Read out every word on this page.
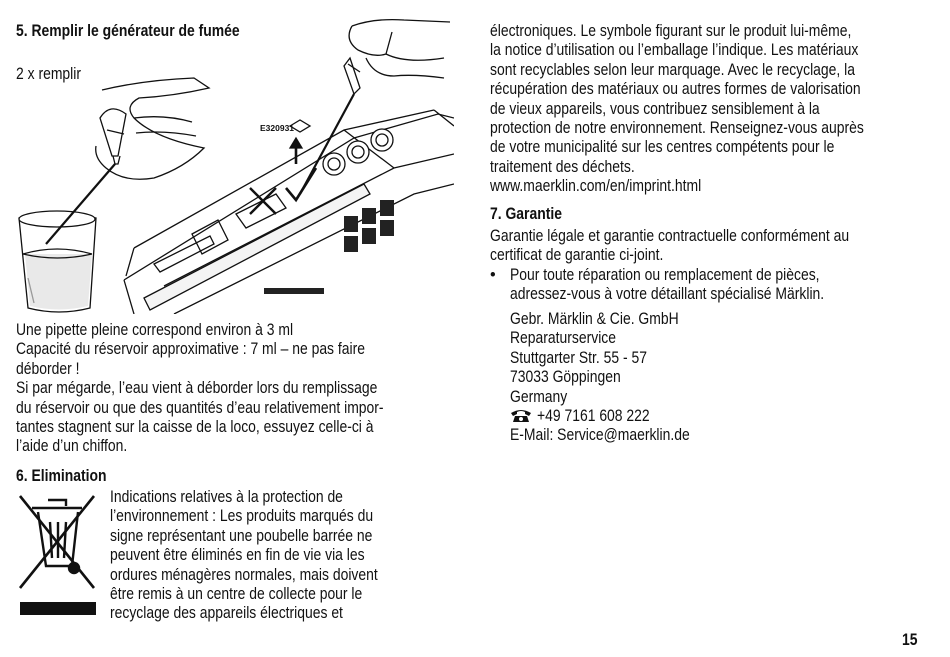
5. Remplir le générateur de fumée
2 x remplir
E320931
Une pipette pleine correspond environ à 3 ml
Capacité du réservoir approximative : 7 ml – ne pas faire
déborder !
Si par mégarde, l’eau vient à déborder lors du remplissage
du réservoir ou que des quantités d’eau relativement impor-
tantes stagnent sur la caisse de la loco, essuyez celle-ci à
l’aide d’un chiffon.
6. Elimination
Indications relatives à la protection de
l’environnement : Les produits marqués du
signe représentant une poubelle barrée ne
peuvent être éliminés en fin de vie via les
ordures ménagères normales, mais doivent
être remis à un centre de collecte pour le
recyclage des appareils électriques et
électroniques. Le symbole figurant sur le produit lui-même,
la notice d’utilisation ou l’emballage l’indique. Les matériaux
sont recyclables selon leur marquage. Avec le recyclage, la
récupération des matériaux ou autres formes de valorisation
de vieux appareils, vous contribuez sensiblement à la
protection de notre environnement. Renseignez-vous auprès
de votre municipalité sur les centres compétents pour le
traitement des déchets.
www.maerklin.com/en/imprint.html
7. Garantie
Garantie légale et garantie contractuelle conformément au
certificat de garantie ci-joint.
• Pour toute réparation ou remplacement de pièces,
adressez-vous à votre détaillant spécialisé Märklin.
Gebr. Märklin & Cie. GmbH
Reparaturservice
Stuttgarter Str. 55 - 57
73033 Göppingen
Germany
+49 7161 608 222
E-Mail: Service@maerklin.de
15
